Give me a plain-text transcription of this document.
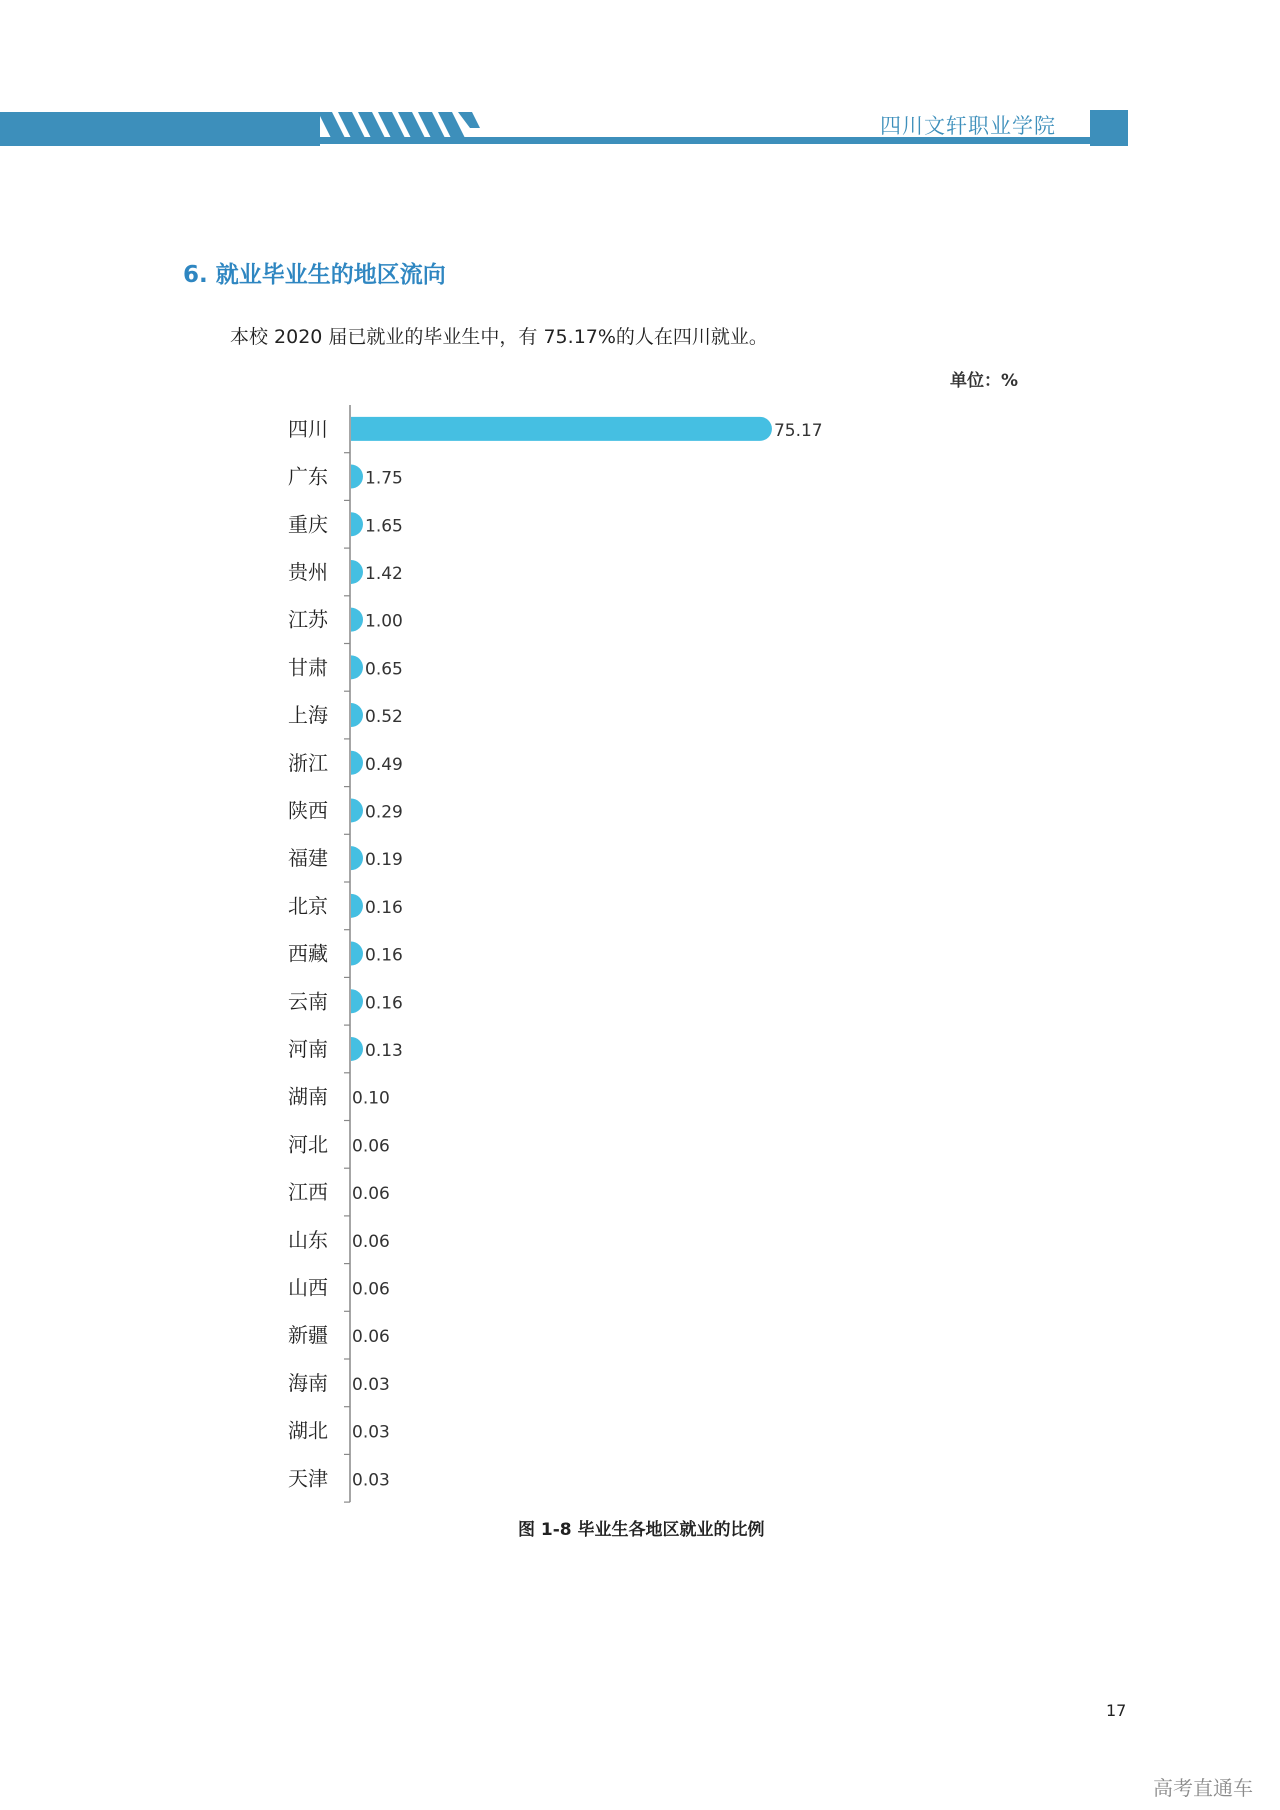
四川文轩职业学院
6. 就业毕业生的地区流向
本校 2020 届已就业的毕业生中，有 75.17%的人在四川就业。
单位：%
四川	75.17
广东 1.75
重庆 1.65
贵州 1.42
江苏 1.00
甘肃 0.65
上海 0.52
浙江 0.49
陕西 0.29
福建 0.19
北京 0.16
西藏 0.16
云南 0.16
河南 0.13
湖南 0.10
河北 0.06
江西 0.06
山东 0.06
山西 0.06
新疆 0.06
海南 0.03
湖北 0.03
天津 0.03
图 1-8 毕业生各地区就业的比例
17
高考直通车
